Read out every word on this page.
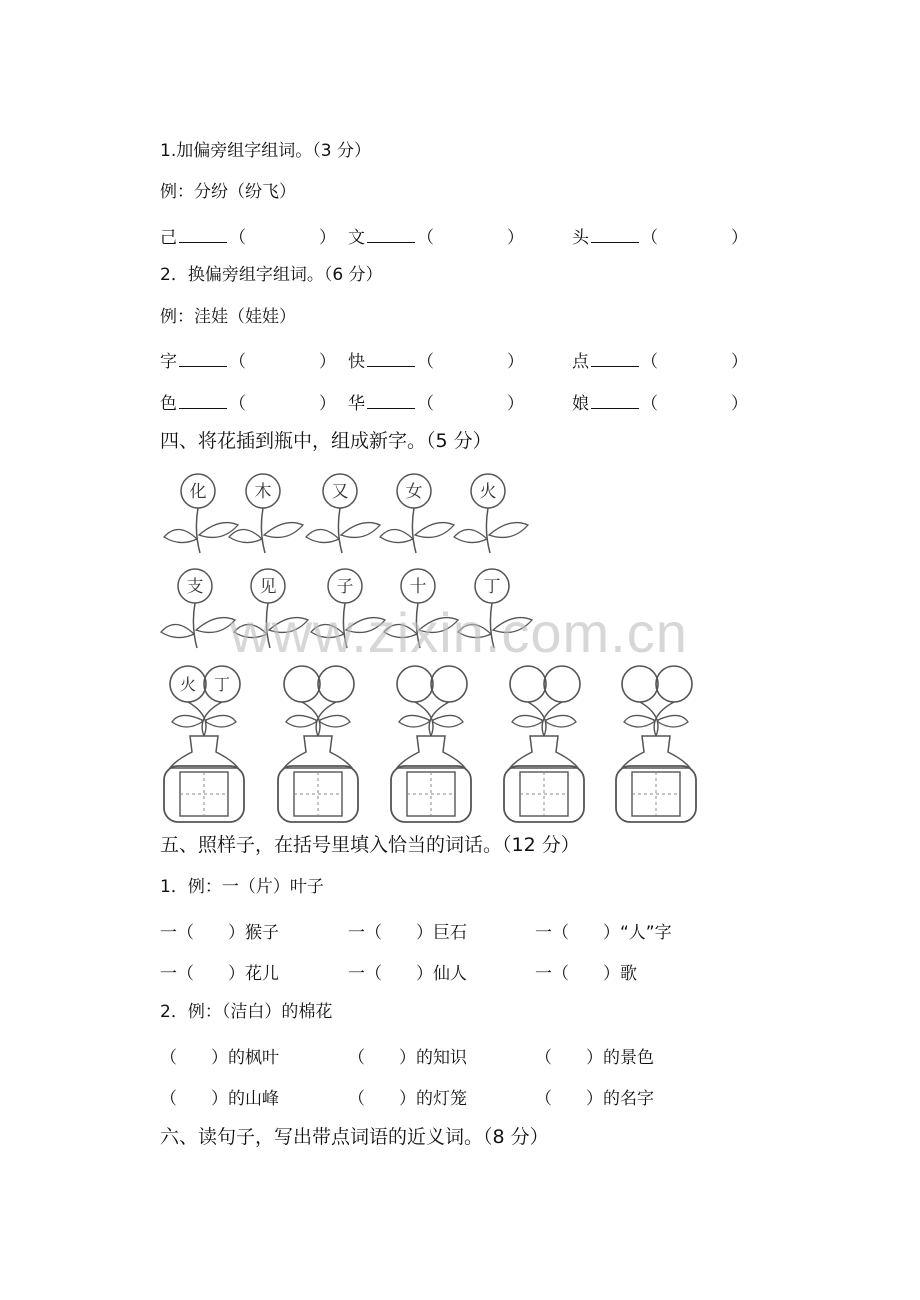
1.加偏旁组字组词。（3 分）
例：分纷（纷飞）
己	（	） 文	（	）	头	（	）
2．换偏旁组字组词。（6 分）
例：洼娃（娃娃）
字	（	） 快	（	）	点	（	）
色	（	） 华	（	）	娘	（	）
四、将花插到瓶中，组成新字。（5 分）
化	木	又	女	火
支	见	子	十	丁
火 丁
www.zixin.com.cn
五、照样子，在括号里填入恰当的词话。（12 分）
1．例：一（片）叶子
一（　　）猴子	一（　　）巨石	一（　　）“人”字
一（　　）花儿	一（　　）仙人	一（　　）歌
2．例：（洁白）的棉花
（　　）的枫叶	（　　）的知识	（　　）的景色
（　　）的山峰	（　　）的灯笼	（　　）的名字
六、读句子，写出带点词语的近义词。（8 分）
